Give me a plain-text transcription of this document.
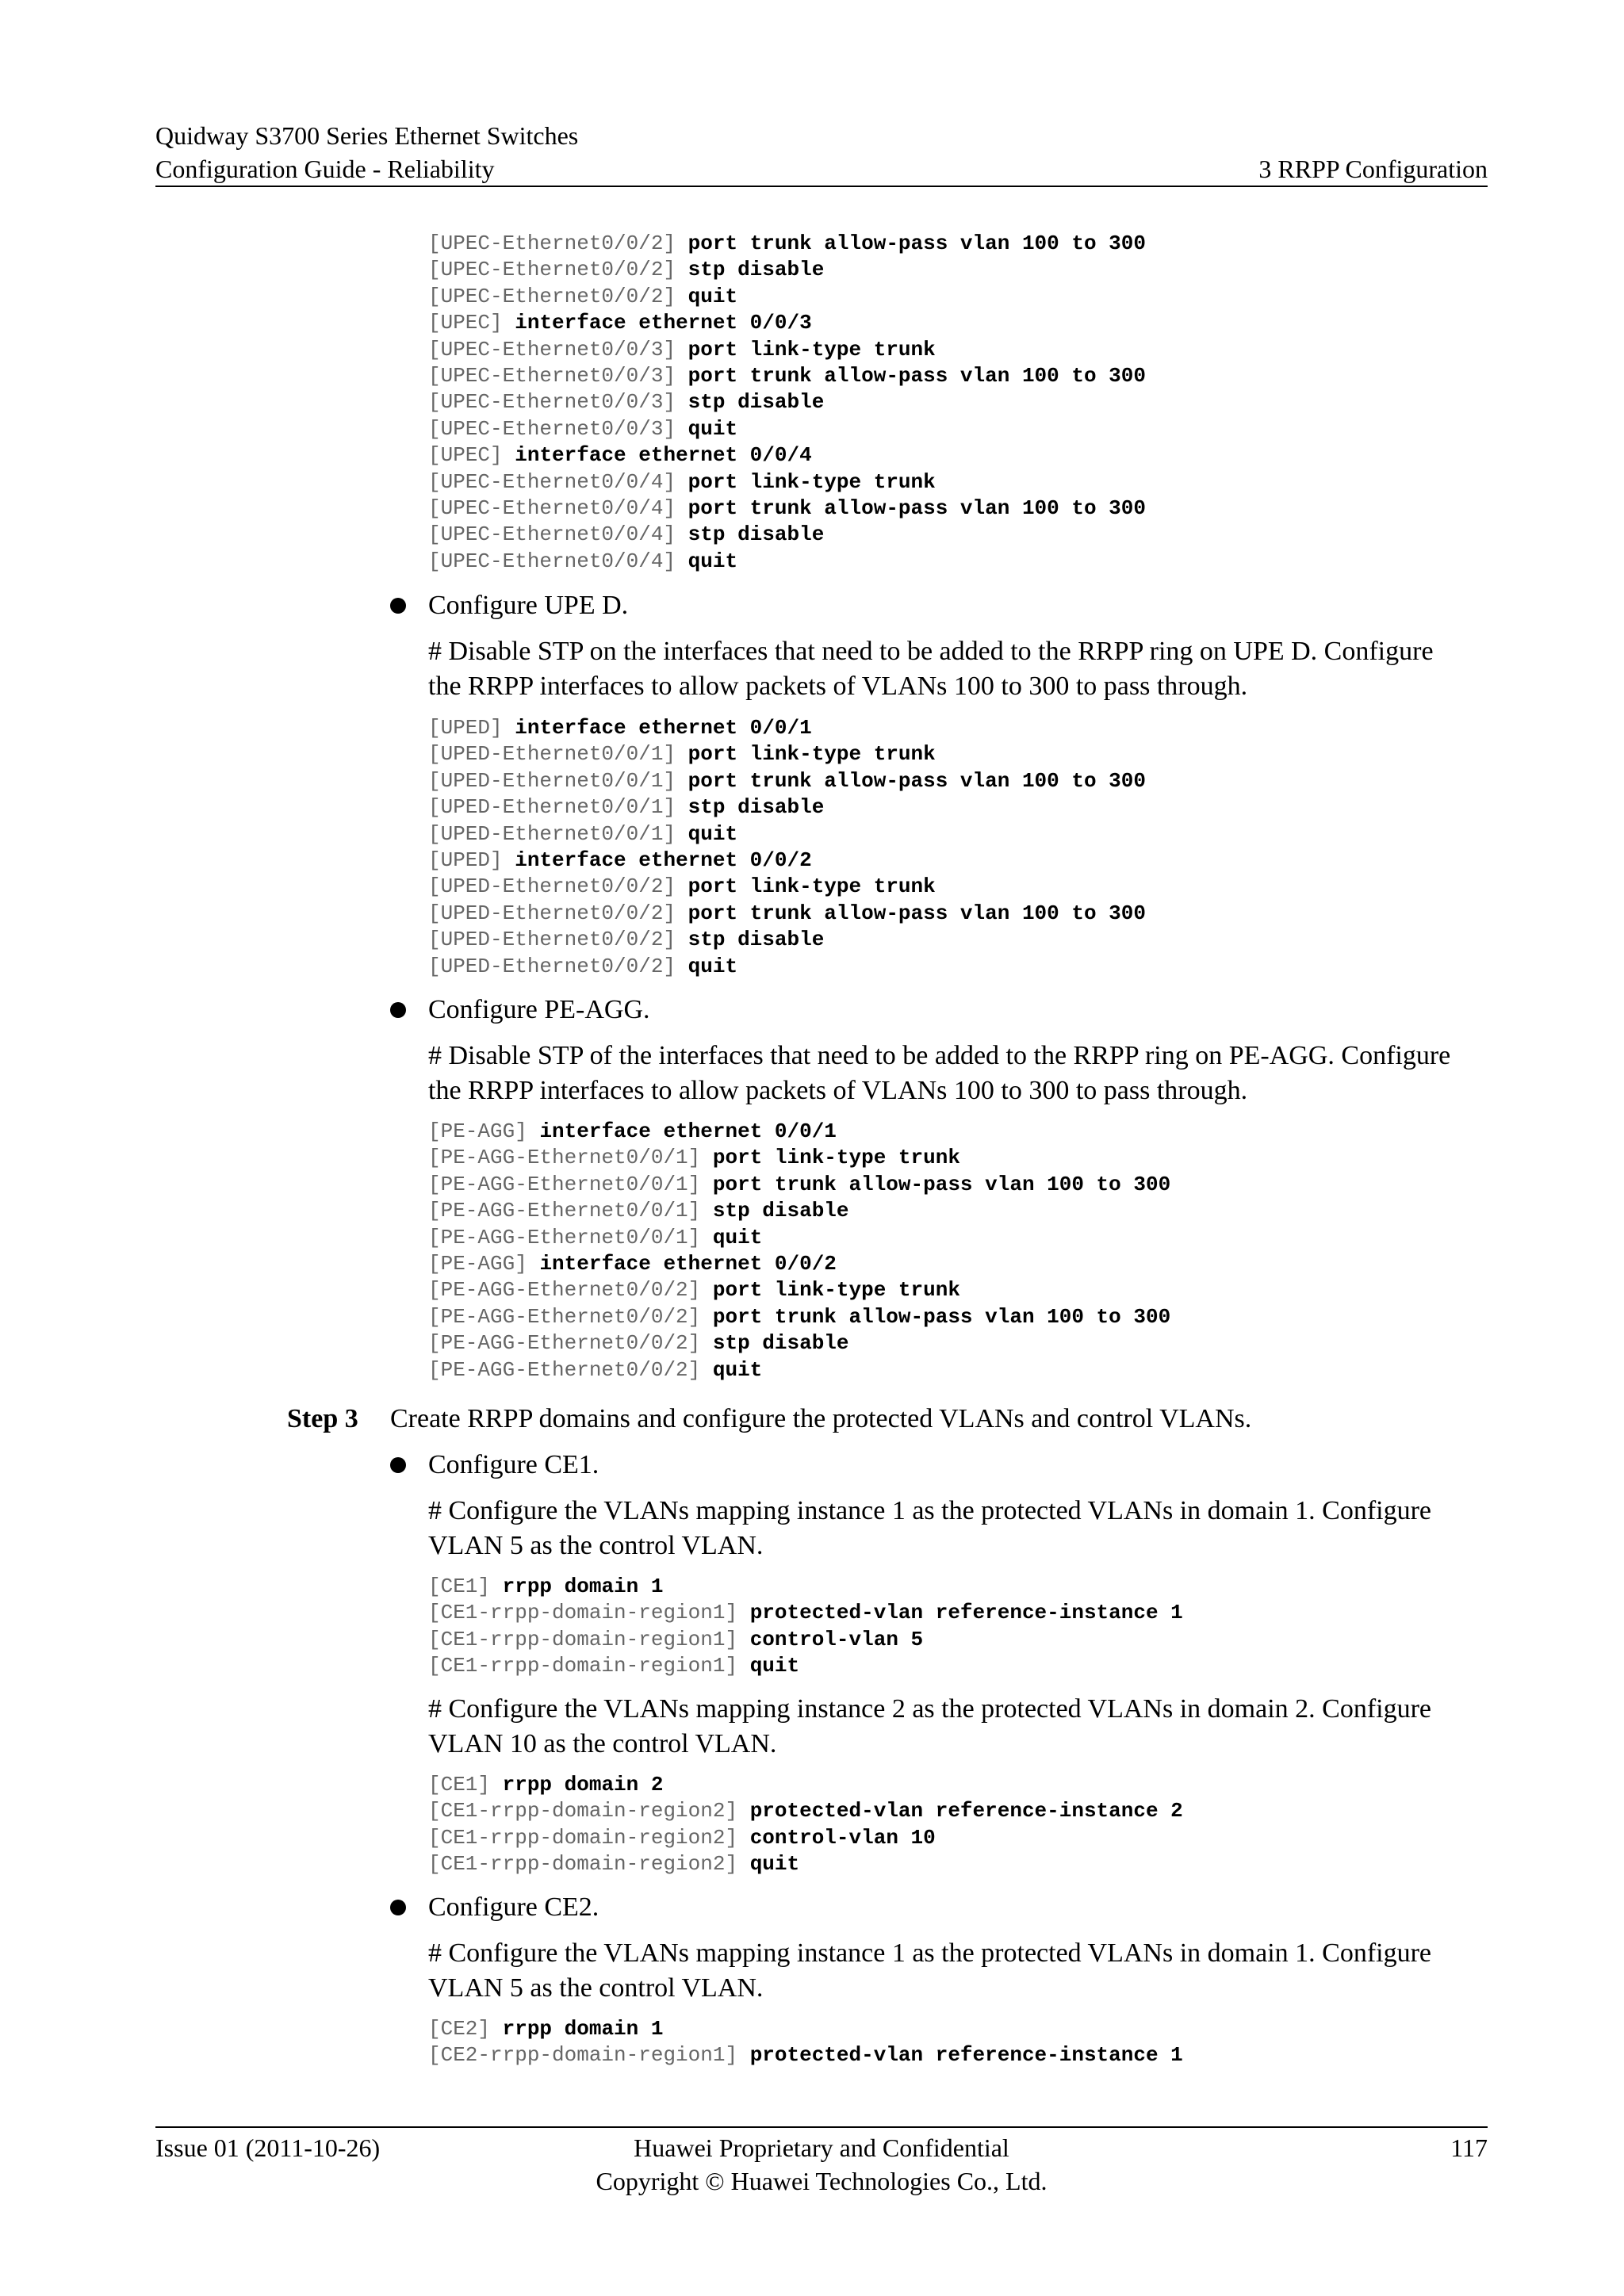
Quidway S3700 Series Ethernet Switches
Configuration Guide - Reliability	3 RRPP Configuration
[UPEC-Ethernet0/0/2] port trunk allow-pass vlan 100 to 300
[UPEC-Ethernet0/0/2] stp disable
[UPEC-Ethernet0/0/2] quit
[UPEC] interface ethernet 0/0/3
[UPEC-Ethernet0/0/3] port link-type trunk
[UPEC-Ethernet0/0/3] port trunk allow-pass vlan 100 to 300
[UPEC-Ethernet0/0/3] stp disable
[UPEC-Ethernet0/0/3] quit
[UPEC] interface ethernet 0/0/4
[UPEC-Ethernet0/0/4] port link-type trunk
[UPEC-Ethernet0/0/4] port trunk allow-pass vlan 100 to 300
[UPEC-Ethernet0/0/4] stp disable
[UPEC-Ethernet0/0/4] quit
Configure UPE D.
# Disable STP on the interfaces that need to be added to the RRPP ring on UPE D. Configure
the RRPP interfaces to allow packets of VLANs 100 to 300 to pass through.
[UPED] interface ethernet 0/0/1
[UPED-Ethernet0/0/1] port link-type trunk
[UPED-Ethernet0/0/1] port trunk allow-pass vlan 100 to 300
[UPED-Ethernet0/0/1] stp disable
[UPED-Ethernet0/0/1] quit
[UPED] interface ethernet 0/0/2
[UPED-Ethernet0/0/2] port link-type trunk
[UPED-Ethernet0/0/2] port trunk allow-pass vlan 100 to 300
[UPED-Ethernet0/0/2] stp disable
[UPED-Ethernet0/0/2] quit
Configure PE-AGG.
# Disable STP of the interfaces that need to be added to the RRPP ring on PE-AGG. Configure
the RRPP interfaces to allow packets of VLANs 100 to 300 to pass through.
[PE-AGG] interface ethernet 0/0/1
[PE-AGG-Ethernet0/0/1] port link-type trunk
[PE-AGG-Ethernet0/0/1] port trunk allow-pass vlan 100 to 300
[PE-AGG-Ethernet0/0/1] stp disable
[PE-AGG-Ethernet0/0/1] quit
[PE-AGG] interface ethernet 0/0/2
[PE-AGG-Ethernet0/0/2] port link-type trunk
[PE-AGG-Ethernet0/0/2] port trunk allow-pass vlan 100 to 300
[PE-AGG-Ethernet0/0/2] stp disable
[PE-AGG-Ethernet0/0/2] quit
Step 3 Create RRPP domains and configure the protected VLANs and control VLANs.
Configure CE1.
# Configure the VLANs mapping instance 1 as the protected VLANs in domain 1. Configure
VLAN 5 as the control VLAN.
[CE1] rrpp domain 1
[CE1-rrpp-domain-region1] protected-vlan reference-instance 1
[CE1-rrpp-domain-region1] control-vlan 5
[CE1-rrpp-domain-region1] quit
# Configure the VLANs mapping instance 2 as the protected VLANs in domain 2. Configure
VLAN 10 as the control VLAN.
[CE1] rrpp domain 2
[CE1-rrpp-domain-region2] protected-vlan reference-instance 2
[CE1-rrpp-domain-region2] control-vlan 10
[CE1-rrpp-domain-region2] quit
Configure CE2.
# Configure the VLANs mapping instance 1 as the protected VLANs in domain 1. Configure
VLAN 5 as the control VLAN.
[CE2] rrpp domain 1
[CE2-rrpp-domain-region1] protected-vlan reference-instance 1
Issue 01 (2011-10-26)	Huawei Proprietary and Confidential
Copyright © Huawei Technologies Co., Ltd.
117
